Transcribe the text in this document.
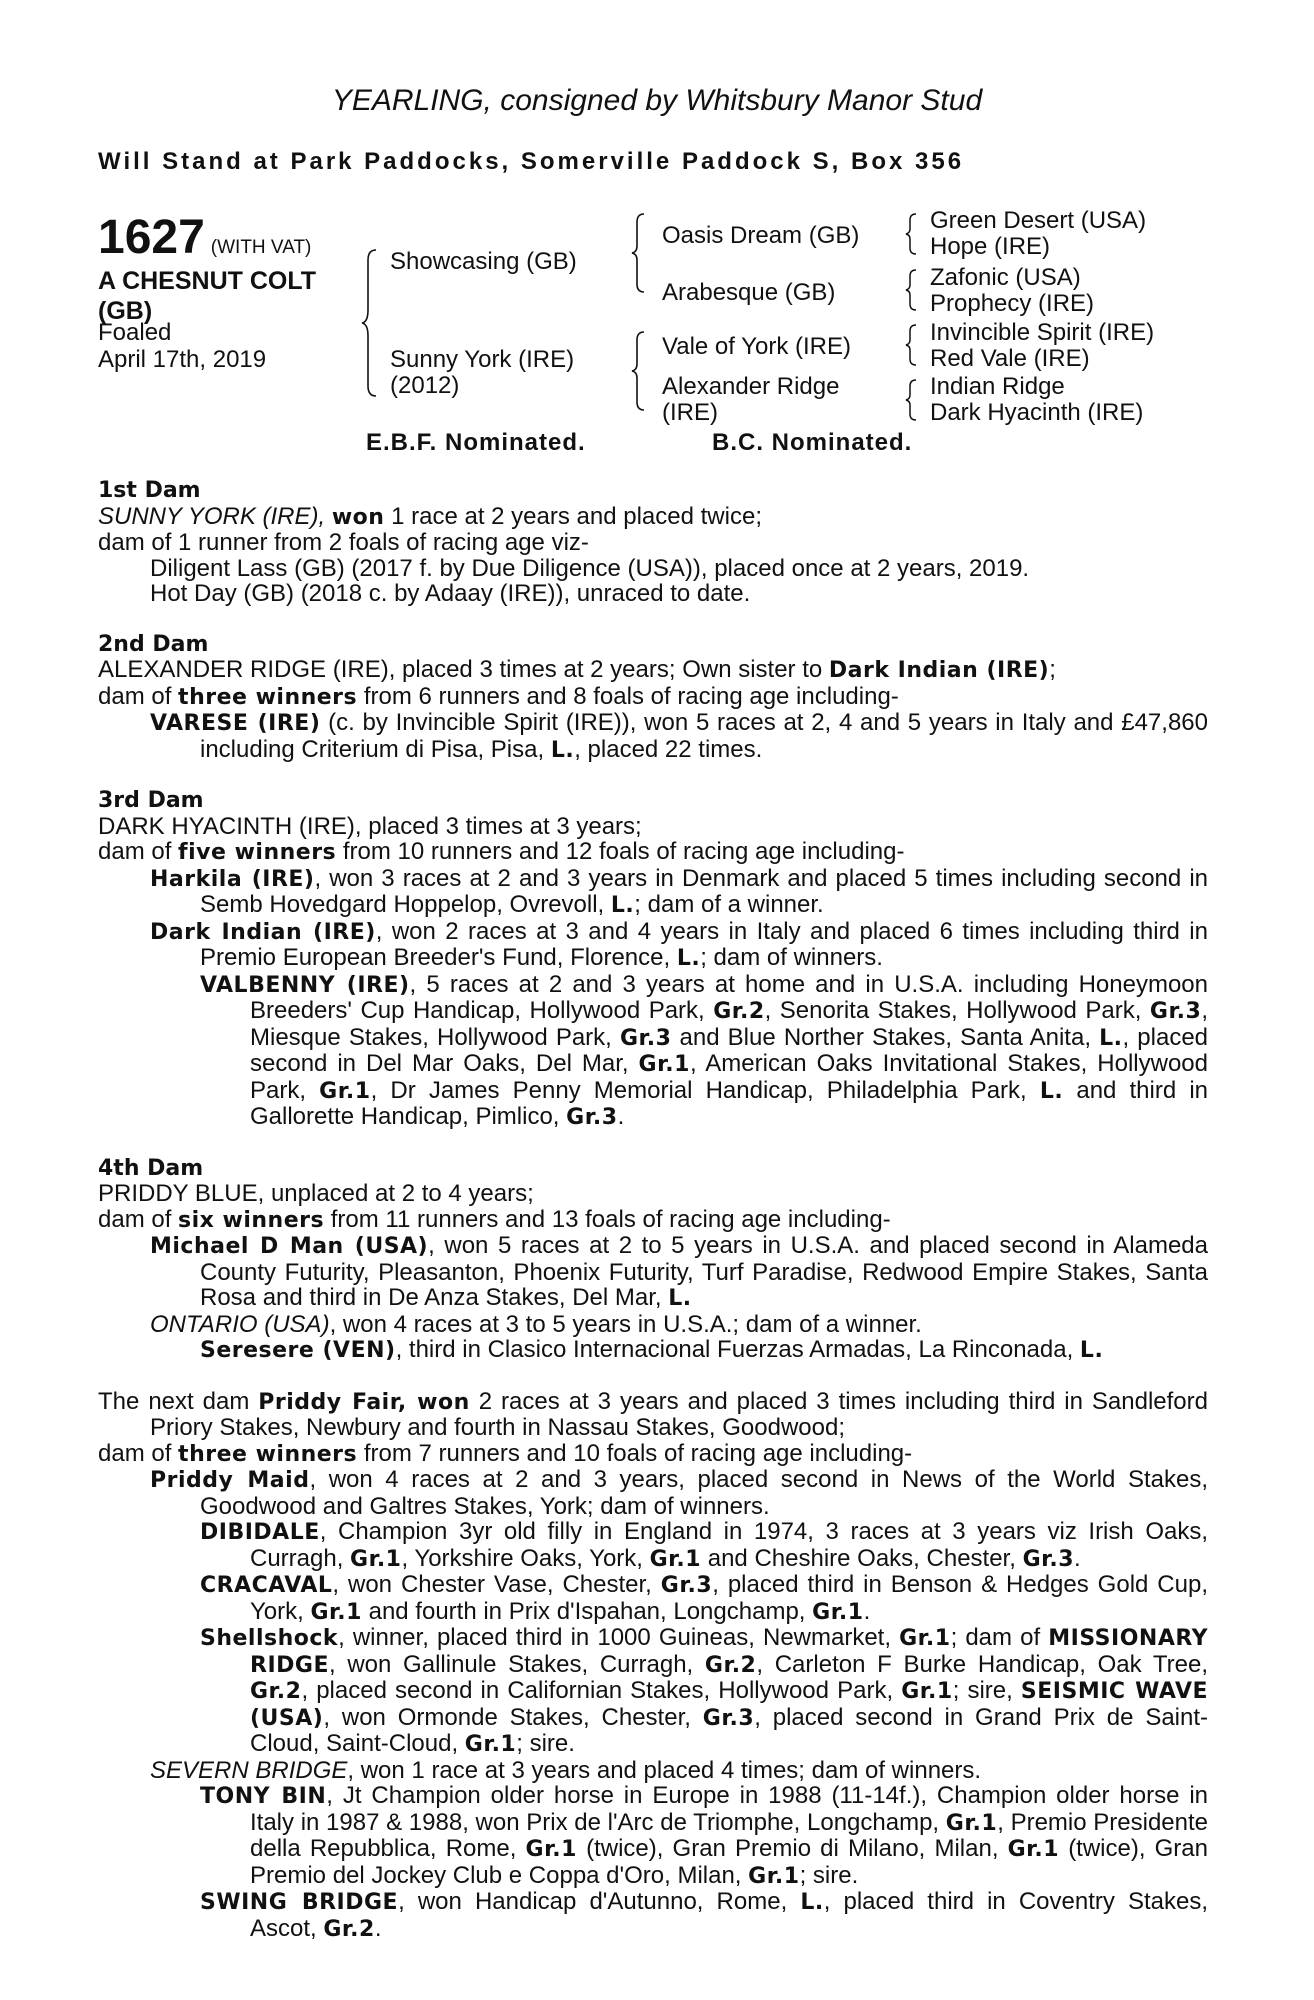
YEARLING, consigned by Whitsbury Manor Stud
Will Stand at Park Paddocks, Somerville Paddock S, Box 356
1627 (WITH VAT)
A CHESNUT COLT
(GB)
Foaled
April 17th, 2019
Showcasing (GB)
Sunny York (IRE)
(2012)
Oasis Dream (GB)
Arabesque (GB)
Vale of York (IRE)
Alexander Ridge
(IRE)
Green Desert (USA)
Hope (IRE)
Zafonic (USA)
Prophecy (IRE)
Invincible Spirit (IRE)
Red Vale (IRE)
Indian Ridge
Dark Hyacinth (IRE)
E.B.F. Nominated.	B.C. Nominated.
1st Dam
SUNNY YORK (IRE), won 1 race at 2 years and placed twice;
dam of 1 runner from 2 foals of racing age viz-
Diligent Lass (GB) (2017 f. by Due Diligence (USA)), placed once at 2 years, 2019.
Hot Day (GB) (2018 c. by Adaay (IRE)), unraced to date.
2nd Dam
ALEXANDER RIDGE (IRE), placed 3 times at 2 years; Own sister to Dark Indian (IRE);
dam of three winners from 6 runners and 8 foals of racing age including-
VARESE (IRE) (c. by Invincible Spirit (IRE)), won 5 races at 2, 4 and 5 years in Italy and £47,860 including Criterium di Pisa, Pisa, L., placed 22 times.
3rd Dam
DARK HYACINTH (IRE), placed 3 times at 3 years;
dam of five winners from 10 runners and 12 foals of racing age including-
Harkila (IRE), won 3 races at 2 and 3 years in Denmark and placed 5 times including second in Semb Hovedgard Hoppelop, Ovrevoll, L.; dam of a winner.
Dark Indian (IRE), won 2 races at 3 and 4 years in Italy and placed 6 times including third in Premio European Breeder's Fund, Florence, L.; dam of winners.
VALBENNY (IRE), 5 races at 2 and 3 years at home and in U.S.A. including Honeymoon Breeders' Cup Handicap, Hollywood Park, Gr.2, Senorita Stakes, Hollywood Park, Gr.3, Miesque Stakes, Hollywood Park, Gr.3 and Blue Norther Stakes, Santa Anita, L., placed second in Del Mar Oaks, Del Mar, Gr.1, American Oaks Invitational Stakes, Hollywood Park, Gr.1, Dr James Penny Memorial Handicap, Philadelphia Park, L. and third in Gallorette Handicap, Pimlico, Gr.3.
4th Dam
PRIDDY BLUE, unplaced at 2 to 4 years;
dam of six winners from 11 runners and 13 foals of racing age including-
Michael D Man (USA), won 5 races at 2 to 5 years in U.S.A. and placed second in Alameda County Futurity, Pleasanton, Phoenix Futurity, Turf Paradise, Redwood Empire Stakes, Santa Rosa and third in De Anza Stakes, Del Mar, L.
ONTARIO (USA), won 4 races at 3 to 5 years in U.S.A.; dam of a winner.
Seresere (VEN), third in Clasico Internacional Fuerzas Armadas, La Rinconada, L.
The next dam Priddy Fair, won 2 races at 3 years and placed 3 times including third in Sandleford Priory Stakes, Newbury and fourth in Nassau Stakes, Goodwood;
dam of three winners from 7 runners and 10 foals of racing age including-
Priddy Maid, won 4 races at 2 and 3 years, placed second in News of the World Stakes, Goodwood and Galtres Stakes, York; dam of winners.
DIBIDALE, Champion 3yr old filly in England in 1974, 3 races at 3 years viz Irish Oaks, Curragh, Gr.1, Yorkshire Oaks, York, Gr.1 and Cheshire Oaks, Chester, Gr.3.
CRACAVAL, won Chester Vase, Chester, Gr.3, placed third in Benson & Hedges Gold Cup, York, Gr.1 and fourth in Prix d'Ispahan, Longchamp, Gr.1.
Shellshock, winner, placed third in 1000 Guineas, Newmarket, Gr.1; dam of MISSIONARY RIDGE, won Gallinule Stakes, Curragh, Gr.2, Carleton F Burke Handicap, Oak Tree, Gr.2, placed second in Californian Stakes, Hollywood Park, Gr.1; sire, SEISMIC WAVE (USA), won Ormonde Stakes, Chester, Gr.3, placed second in Grand Prix de Saint-Cloud, Saint-Cloud, Gr.1; sire.
SEVERN BRIDGE, won 1 race at 3 years and placed 4 times; dam of winners.
TONY BIN, Jt Champion older horse in Europe in 1988 (11-14f.), Champion older horse in Italy in 1987 & 1988, won Prix de l'Arc de Triomphe, Longchamp, Gr.1, Premio Presidente della Repubblica, Rome, Gr.1 (twice), Gran Premio di Milano, Milan, Gr.1 (twice), Gran Premio del Jockey Club e Coppa d'Oro, Milan, Gr.1; sire.
SWING BRIDGE, won Handicap d'Autunno, Rome, L., placed third in Coventry Stakes, Ascot, Gr.2.
